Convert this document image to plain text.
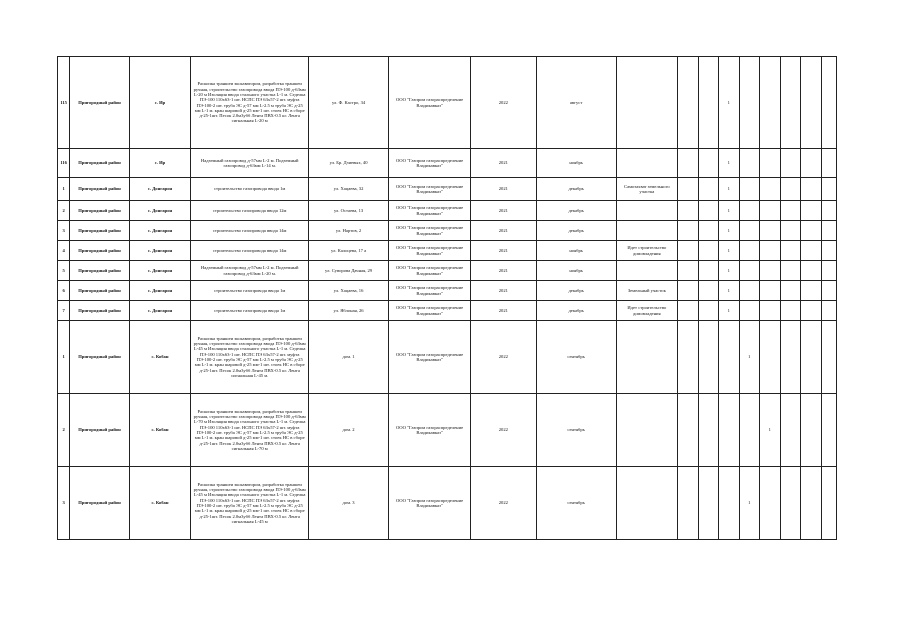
115	Пригородный район	с. Ир	Раскопка траншеи экскаватором, разработка траншеи ручная, строительство газопровода ввода ПЭ-100 д-63мм L-20 м Изоляция ввода стального участка L-1 м. Седелка ПЭ-100 110х63-1 шт. НСПС ПЭ 63х57-2 шт. муфта ПЭ-100-2 шт. труба ЭС д-57 мм L-2.5 м труба ЭС д-25 мм L-1 м. кран шаровой д-25 мм-1 шт. стоек НС в сборе д-25-1шт. Песок 2.0м3убб Лента ПВХ-0.5 кг. Лента сигнальная L-20 м	ул. Ф. Кастро, 34	ООО "Газпром газораспределение Владикавказ"	2022	август				1					
116	Пригородный район	с. Ир	Надземный газопровод д-57мм L-2 м. Подземный газопровод д-63мм L-14 м.	ул. Бр. Дзиевых, 40	ООО "Газпром газораспределение Владикавказ"	2021	ноябрь				1					
1	Пригородный район	с. Донгарон	строительство газопровода ввода 1м	ул. Хацаева, 32	ООО "Газпром газораспределение Владикавказ"	2021	декабрь	Самозахват земельного участка			1					
2	Пригородный район	с. Донгарон	строительство газопровода ввода 12м	ул. Остаева, 13	ООО "Газпром газораспределение Владикавказ"	2021	декабрь				1					
3	Пригородный район	с. Донгарон	строительство газопровода ввода 14м	ул. Нартов, 2	ООО "Газпром газораспределение Владикавказ"	2021	декабрь				1					
4	Пригородный район	с. Донгарон	строительство газопровода ввода 14м	ул. Калоцева, 17 а	ООО "Газпром газораспределение Владикавказ"	2021	ноябрь	Идет строительство домовладения			1					
5	Пригородный район	с. Донгарон	Надземный газопровод д-57мм L-2 м. Подземный газопровод д-63мм L-20 м.	ул. Суворова Дачная, 29	ООО "Газпром газораспределение Владикавказ"	2021	ноябрь				1					
6	Пригородный район	с. Донгарон	строительство газопровода ввода 1м	ул. Хацаева, 16	ООО "Газпром газораспределение Владикавказ"	2021	декабрь	Земельный участок			1					
7	Пригородный район	с. Донгарон	строительство газопровода ввода 1м	ул. Яблоная, 26	ООО "Газпром газораспределение Владикавказ"	2021	декабрь	Идет строительство домовладения			1					
1	Пригородный район	с. Кобан	Раскопка траншеи экскаватором, разработка траншеи ручная, строительство газопровода ввода ПЭ-100 д-63мм L-45 м Изоляция ввода стального участка L-1 м. Седелка ПЭ-100 110х63-1 шт. НСПС ПЭ 63х57-2 шт. муфта ПЭ-100-2 шт. труба ЭС д-57 мм L-2.5 м труба ЭС д-25 мм L-1 м. кран шаровой д-25 мм-1 шт. стоек НС в сборе д-25-1шт. Песок 2.0м3убб Лента ПВХ-0.5 кг. Лента сигнальная L-45 м.	дом. 1	ООО "Газпром газораспределение Владикавказ"	2022	сентябрь					1				
2	Пригородный район	с. Кобан	Раскопка траншеи экскаватором, разработка траншеи ручная, строительство газопровода ввода ПЭ-100 д-63мм L-70 м Изоляция ввода стального участка L-1 м. Седелка ПЭ-100 110х63-1 шт. НСПС ПЭ 63х57-2 шт. муфта ПЭ-100-2 шт. труба ЭС д-57 мм L-2.5 м труба ЭС д-25 мм L-1 м. кран шаровой д-25 мм-1 шт. стоек НС в сборе д-25-1шт. Песок 2.0м3убб Лента ПВХ-0.5 кг. Лента сигнальная L-70 м	дом. 2	ООО "Газпром газораспределение Владикавказ"	2022	сентябрь						1			
3	Пригородный район	с. Кобан	Раскопка траншеи экскаватором, разработка траншеи ручная, строительство газопровода ввода ПЭ-100 д-63мм L-45 м Изоляция ввода стального участка L-1 м. Седелка ПЭ-100 110х63-1 шт. НСПС ПЭ 63х57-2 шт. муфта ПЭ-100-2 шт. труба ЭС д-57 мм L-2.5 м труба ЭС д-25 мм L-1 м. кран шаровой д-25 мм-1 шт. стоек НС в сборе д-25-1шт. Песок 2.0м3убб Лента ПВХ-0.5 кг. Лента сигнальная L-45 м	дом. 3	ООО "Газпром газораспределение Владикавказ"	2022	сентябрь					1				
